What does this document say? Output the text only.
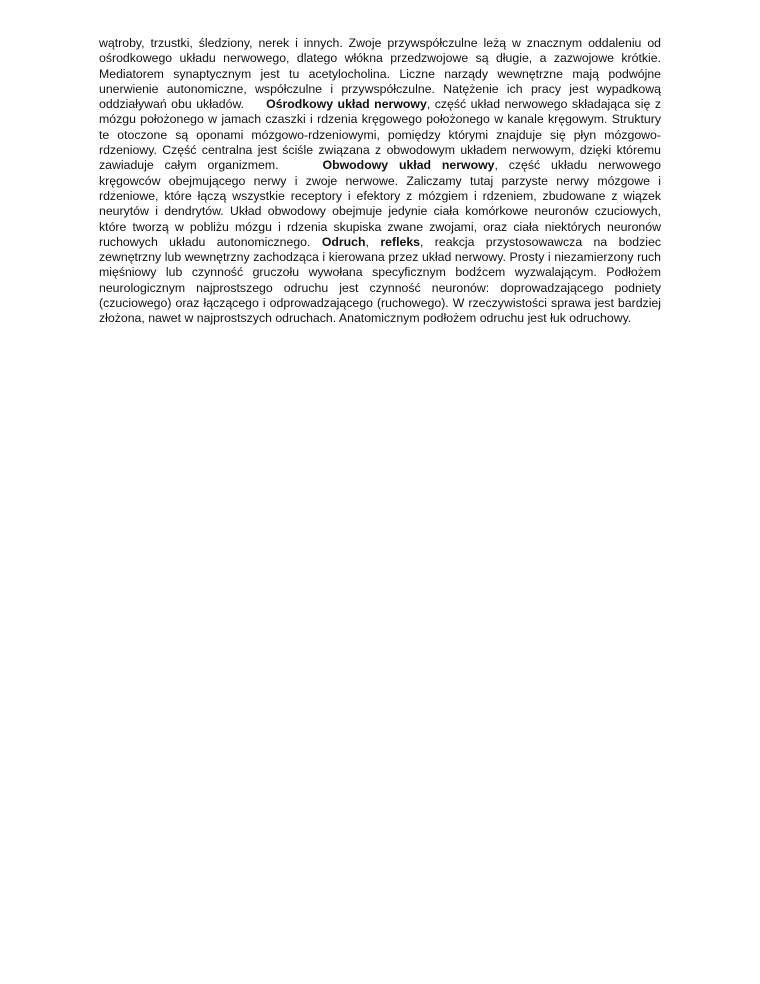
wątroby, trzustki, śledziony, nerek i innych. Zwoje przywspółczulne leżą w znacznym oddaleniu od ośrodkowego układu nerwowego, dlatego włókna przedzwojowe są długie, a zazwojowe krótkie. Mediatorem synaptycznym jest tu acetylocholina. Liczne narządy wewnętrzne mają podwójne unerwienie autonomiczne, współczulne i przywspółczulne. Natężenie ich pracy jest wypadkową oddziaływań obu układów. Ośrodkowy układ nerwowy, część układ nerwowego składająca się z mózgu położonego w jamach czaszki i rdzenia kręgowego położonego w kanale kręgowym. Struktury te otoczone są oponami mózgowo-rdzeniowymi, pomiędzy którymi znajduje się płyn mózgowo-rdzeniowy. Część centralna jest ściśle związana z obwodowym układem nerwowym, dzięki któremu zawiaduje całym organizmem.	Obwodowy układ nerwowy, część układu nerwowego kręgowców obejmującego nerwy i zwoje nerwowe. Zaliczamy tutaj parzyste nerwy mózgowe i rdzeniowe, które łączą wszystkie receptory i efektory z mózgiem i rdzeniem, zbudowane z wiązek neurytów i dendrytów. Układ obwodowy obejmuje jedynie ciała komórkowe neuronów czuciowych, które tworzą w pobliżu mózgu i rdzenia skupiska zwane zwojami, oraz ciała niektórych neuronów ruchowych układu autonomicznego. Odruch, refleks, reakcja przystosowawcza na bodziec zewnętrzny lub wewnętrzny zachodząca i kierowana przez układ nerwowy. Prosty i niezamierzony ruch mięśniowy lub czynność gruczołu wywołana specyficznym bodźcem wyzwalającym. Podłożem neurologicznym najprostszego odruchu jest czynność neuronów: doprowadzającego podniety (czuciowego) oraz łączącego i odprowadzającego (ruchowego). W rzeczywistości sprawa jest bardziej złożona, nawet w najprostszych odruchach. Anatomicznym podłożem odruchu jest łuk odruchowy.
